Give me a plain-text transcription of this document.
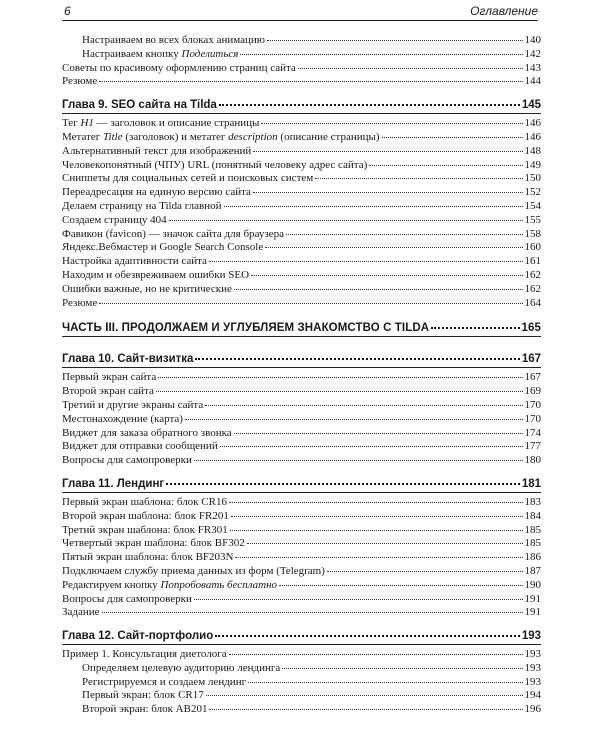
6	Оглавление
Настраиваем во всех блоках анимацию	140
Настраиваем кнопку Поделиться	142
Советы по красивому оформлению страниц сайта	143
Резюме	144
Глава 9. SEO сайта на Tilda	145
Тег H1 — заголовок и описание страницы	146
Метатег Title (заголовок) и метатег description (описание страницы)	146
Альтернативный текст для изображений	148
Человекопонятный (ЧПУ) URL (понятный человеку адрес сайта)	149
Сниппеты для социальных сетей и поисковых систем	150
Переадресация на единую версию сайта	152
Делаем страницу на Tilda главной	154
Создаем страницу 404	155
Фавикон (favicon) — значок сайта для браузера	158
Яндекс.Вебмастер и Google Search Console	160
Настройка адаптивности сайта	161
Находим и обезвреживаем ошибки SEO	162
Ошибки важные, но не критические	162
Резюме	164
ЧАСТЬ III. ПРОДОЛЖАЕМ И УГЛУБЛЯЕМ ЗНАКОМСТВО С TILDA	165
Глава 10. Сайт-визитка	167
Первый экран сайта	167
Второй экран сайта	169
Третий и другие экраны сайта	170
Местонахождение (карта)	170
Виджет для заказа обратного звонка	174
Виджет для отправки сообщений	177
Вопросы для самопроверки	180
Глава 11. Лендинг	181
Первый экран шаблона: блок CR16	183
Второй экран шаблона: блок FR201	184
Третий экран шаблона: блок FR301	185
Четвертый экран шаблона: блок BF302	185
Пятый экран шаблона: блок BF203N	186
Подключаем службу приема данных из форм (Telegram)	187
Редактируем кнопку Попробовать бесплатно	190
Вопросы для самопроверки	191
Задание	191
Глава 12. Сайт-портфолио	193
Пример 1. Консультация диетолога	193
Определяем целевую аудиторию лендинга	193
Регистрируемся и создаем лендинг	193
Первый экран: блок CR17	194
Второй экран: блок AB201	196
